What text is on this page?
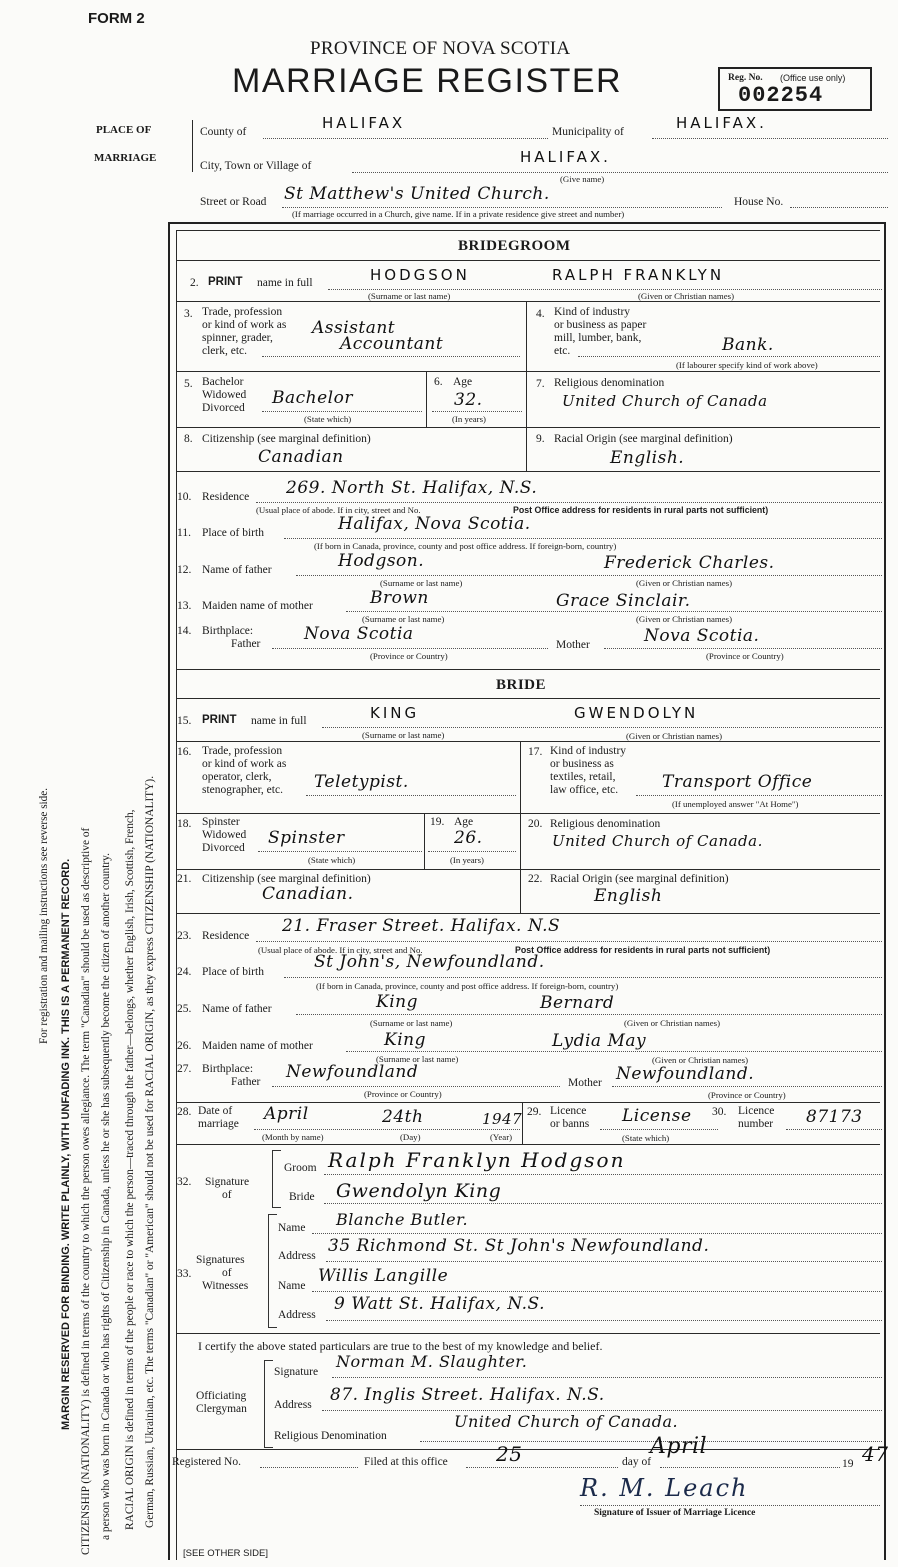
FORM 2
PROVINCE OF NOVA SCOTIA
MARRIAGE REGISTER	Reg. No. (Office use only)
002254
PLACE OF
MARRIAGE
County of	HALIFAX	Municipality of	HALIFAX.
City, Town or Village of	HALIFAX.
(Give name)
Street or Road St Matthew's United Church.	House No.
(If marriage occurred in a Church, give name. If in a private residence give street and number)
For registration and mailing instructions see reverse side. MARGIN RESERVED FOR BINDING. WRITE PLAINLY, WITH UNFADING INK. THIS IS A PERMANENT RECORD. CITIZENSHIP (NATIONALITY) is defined in terms of the country to which the person owes allegiance. The term "Canadian" should be used as descriptive of a person who was born in Canada or who has rights of Citizenship in Canada, unless he or she has subsequently become the citizen of another country. RACIAL ORIGIN is defined in terms of the people or race to which the person—traced through the father—belongs, whether English, Irish, Scottish, French, German, Russian, Ukrainian, etc. The terms "Canadian" or "American" should not be used for RACIAL ORIGIN, as they express CITIZENSHIP (NATIONALITY).
BRIDEGROOM
2. PRINT name in full	HODGSON	RALPH FRANKLYN
(Surname or last name)	(Given or Christian names)
3. Trade, profession
or kind of work as
spinner, grader,
clerk, etc.
Assistant
Accountant
4. Kind of industry
or business as paper
mill, lumber, bank,
etc.	Bank.
(If labourer specify kind of work above)
5. Bachelor
Widowed
Divorced Bachelor
(State which)
6. Age
32.
(In years)
7. Religious denomination
United Church of Canada
8. Citizenship (see marginal definition)
Canadian
9. Racial Origin (see marginal definition)
English.
10. Residence 269. North St. Halifax, N.S.
(Usual place of abode. If in city, street and No.	Post Office address for residents in rural parts not sufficient)
11. Place of birth	Halifax, Nova Scotia.
(If born in Canada, province, county and post office address. If foreign-born, country)
12. Name of father	Hodgson.	Frederick Charles.
(Surname or last name)	(Given or Christian names)
13. Maiden name of mother	Brown	Grace Sinclair.
(Surname or last name)	(Given or Christian names)
14. Birthplace:
Father	Nova Scotia
Mother	Nova Scotia.
(Province or Country)	(Province or Country)
BRIDE
15. PRINT name in full	KING	GWENDOLYN
(Surname or last name)	(Given or Christian names)
16. Trade, profession
or kind of work as
operator, clerk,
stenographer, etc. Teletypist.
17. Kind of industry
or business as
textiles, retail,
law office, etc.	Transport Office
(If unemployed answer "At Home")
18. Spinster
Widowed
Divorced Spinster
(State which)
19. Age
26.
(In years)
20. Religious denomination
United Church of Canada.
21. Citizenship (see marginal definition)
Canadian.
22. Racial Origin (see marginal definition)
English
23. Residence 21. Fraser Street. Halifax. N.S
(Usual place of abode. If in city, street and No.	Post Office address for residents in rural parts not sufficient)
24. Place of birth	St John's, Newfoundland.
(If born in Canada, province, county and post office address. If foreign-born, country)
25. Name of father	King	Bernard
(Surname or last name)	(Given or Christian names)
26. Maiden name of mother	King	Lydia May
(Surname or last name)	(Given or Christian names)
27. Birthplace:
Father Newfoundland
Mother Newfoundland.
(Province or Country)	(Province or Country)
28. Date of
marriage April	24th	1947
(Month by name)	(Day)	(Year)
29. Licence
or banns License
(State which)
30. Licence
number 87173
32. Signature
of
Groom Ralph Franklyn Hodgson
Bride Gwendolyn King
Signatures
of
33.
Witnesses
Name Blanche Butler.
Address 35 Richmond St. St John's Newfoundland.
Name Willis Langille
Address
9 Watt St. Halifax, N.S.
I certify the above stated particulars are true to the best of my knowledge and belief.
Officiating
Clergyman
Signature
Norman M. Slaughter.
Address 87. Inglis Street. Halifax. N.S.
Religious Denomination
United Church of Canada.
Registered No.	Filed at this office 25	day of
April
19 47
R. M. Leach
Signature of Issuer of Marriage Licence
[SEE OTHER SIDE]
